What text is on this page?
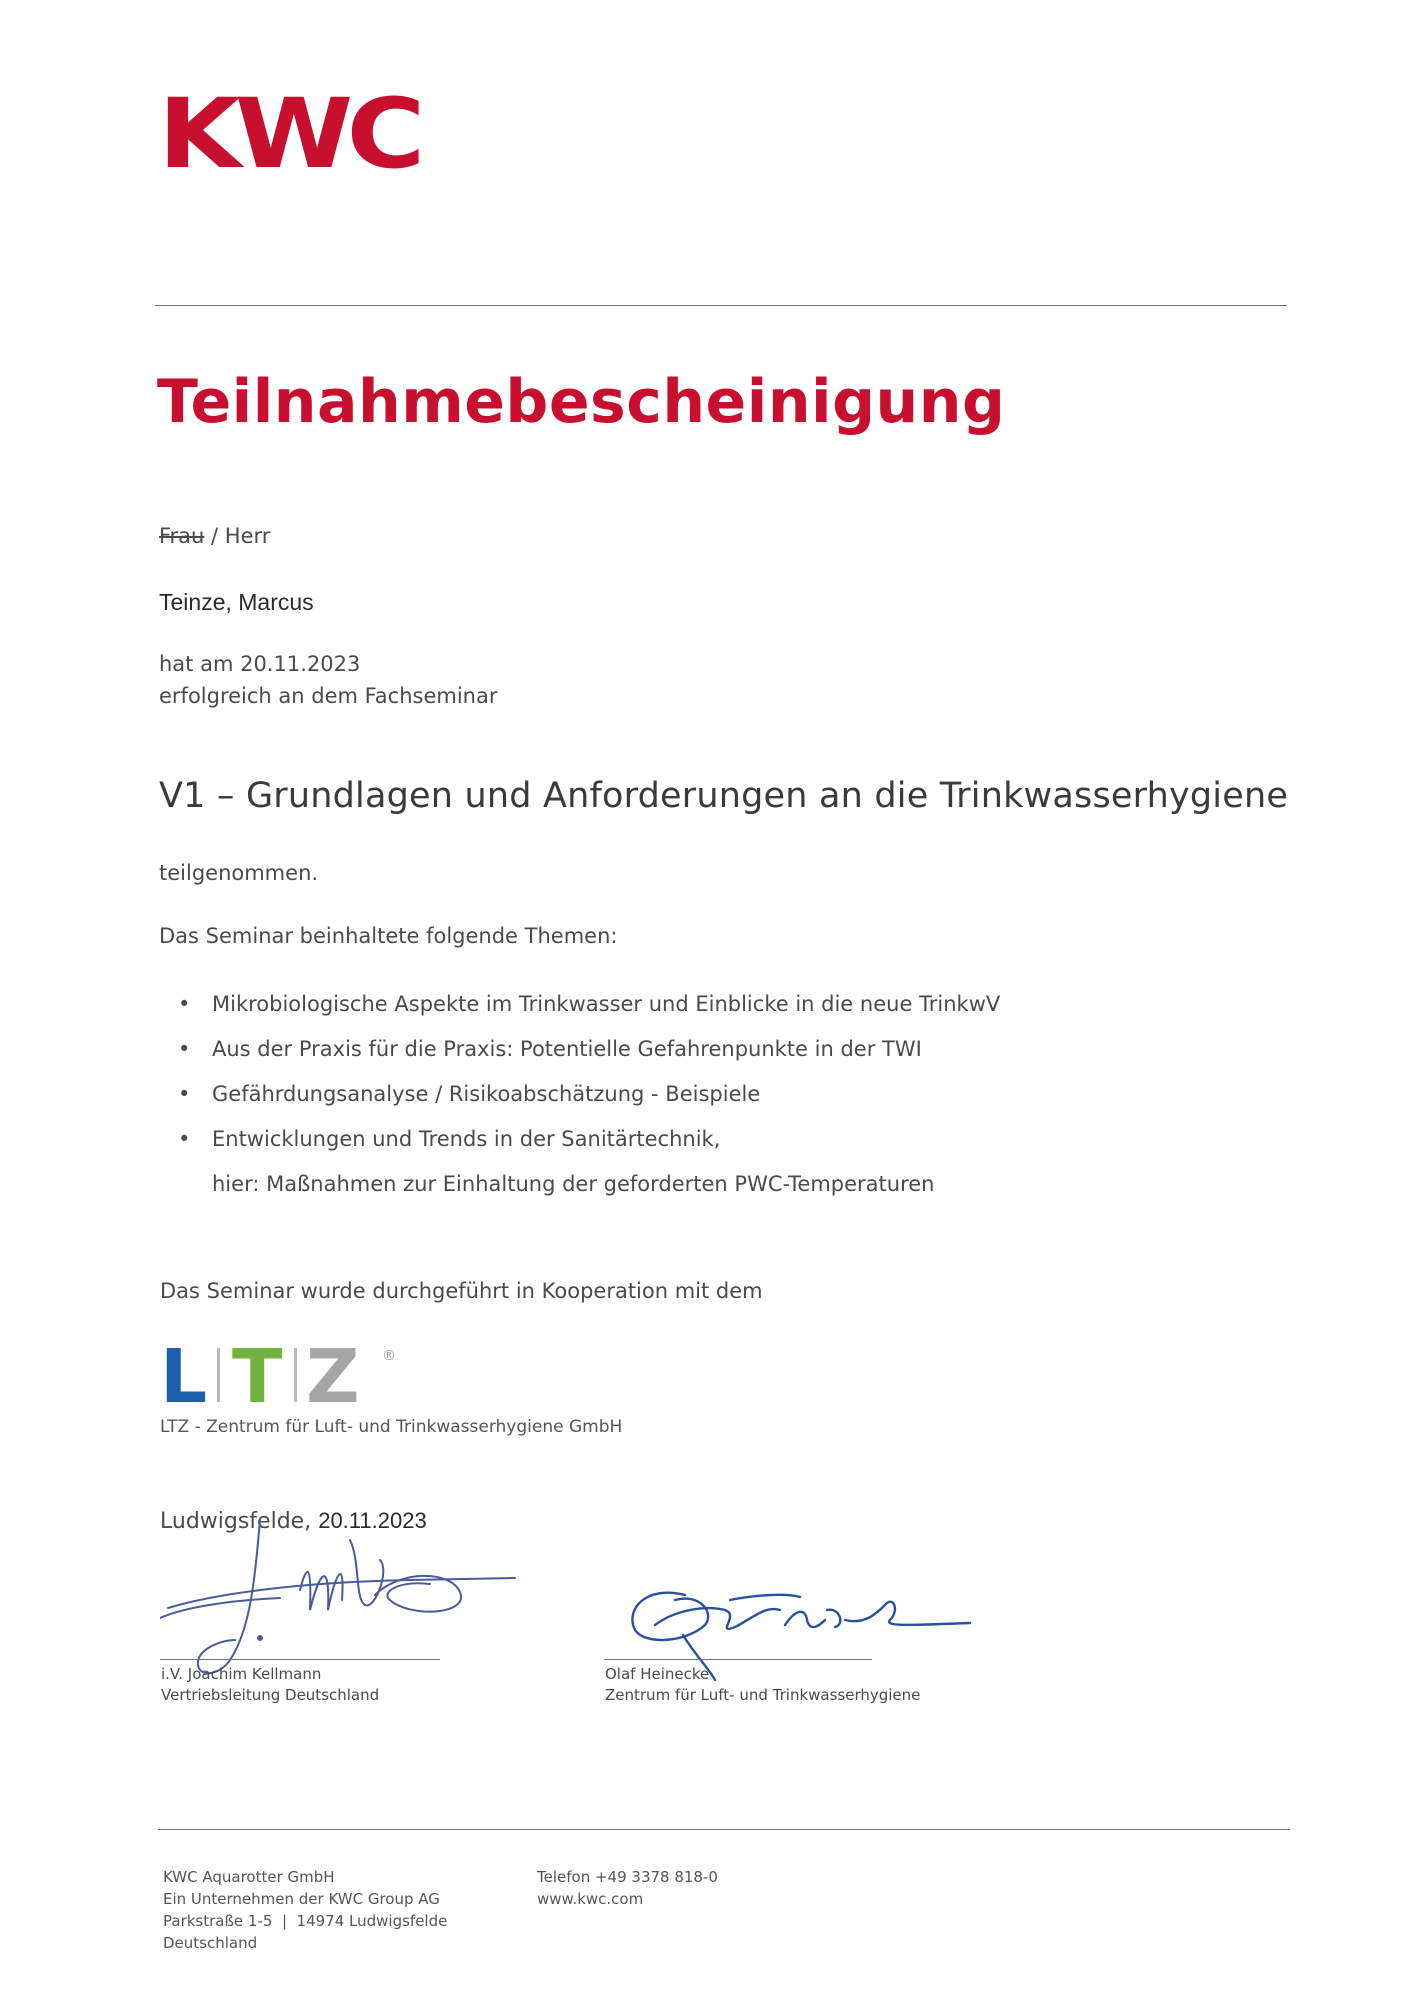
KWC
Teilnahmebescheinigung
Frau / Herr
Teinze, Marcus
hat am 20.11.2023
erfolgreich an dem Fachseminar
V1 – Grundlagen und Anforderungen an die Trinkwasserhygiene
teilgenommen.
Das Seminar beinhaltete folgende Themen:
• Mikrobiologische Aspekte im Trinkwasser und Einblicke in die neue TrinkwV
• Aus der Praxis für die Praxis: Potentielle Gefahrenpunkte in der TWI
• Gefährdungsanalyse / Risikoabschätzung - Beispiele
• Entwicklungen und Trends in der Sanitärtechnik,
hier: Maßnahmen zur Einhaltung der geforderten PWC-Temperaturen
Das Seminar wurde durchgeführt in Kooperation mit dem
L T Z ®
LTZ - Zentrum für Luft- und Trinkwasserhygiene GmbH
Ludwigsfelde, 20.11.2023
i.V. Joachim Kellmann
Vertriebsleitung Deutschland
Olaf Heinecke
Zentrum für Luft- und Trinkwasserhygiene
KWC Aquarotter GmbH
Ein Unternehmen der KWC Group AG
Parkstraße 1-5  |  14974 Ludwigsfelde
Deutschland
Telefon +49 3378 818-0
www.kwc.com
